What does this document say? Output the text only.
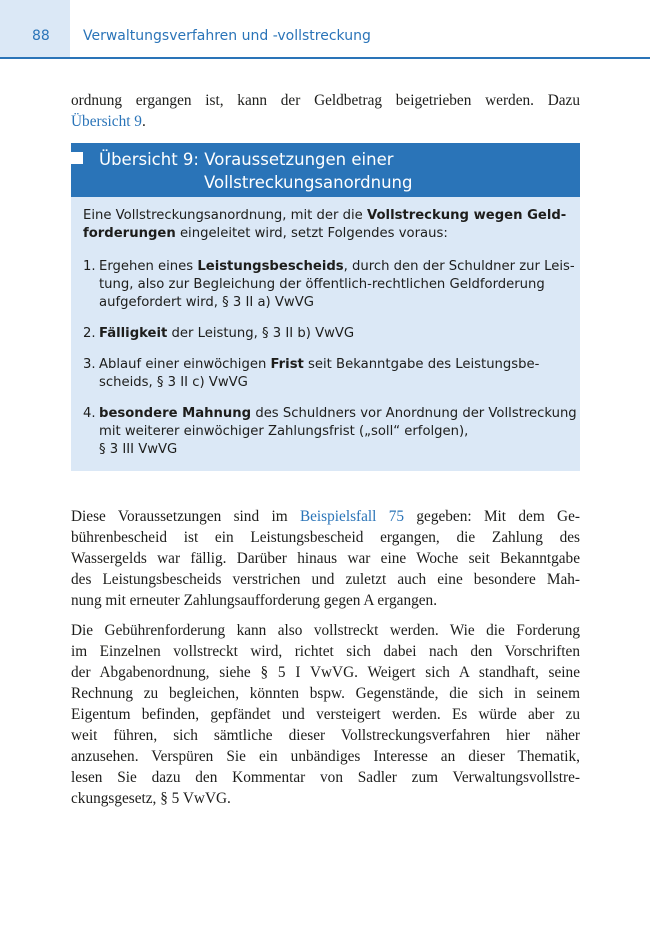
88 Verwaltungsverfahren und -vollstreckung
ordnung ergangen ist, kann der Geldbetrag beigetrieben werden. Dazu
Übersicht 9.
Übersicht 9: Voraussetzungen einer
Vollstreckungsanordnung
Eine Vollstreckungsanordnung, mit der die Vollstreckung wegen Geld-
forderungen eingeleitet wird, setzt Folgendes voraus:
1. Ergehen eines Leistungsbescheids, durch den der Schuldner zur Leis-
tung, also zur Begleichung der öffentlich-rechtlichen Geldforderung
aufgefordert wird, § 3 II a) VwVG
2. Fälligkeit der Leistung, § 3 II b) VwVG
3. Ablauf einer einwöchigen Frist seit Bekanntgabe des Leistungsbe-
scheids, § 3 II c) VwVG
4. besondere Mahnung des Schuldners vor Anordnung der Vollstreckung
mit weiterer einwöchiger Zahlungsfrist („soll“ erfolgen),
§ 3 III VwVG
Diese Voraussetzungen sind im Beispielsfall 75 gegeben: Mit dem Ge-
bührenbescheid ist ein Leistungsbescheid ergangen, die Zahlung des
Wassergelds war fällig. Darüber hinaus war eine Woche seit Bekanntgabe
des Leistungsbescheids verstrichen und zuletzt auch eine besondere Mah-
nung mit erneuter Zahlungsaufforderung gegen A ergangen.
Die Gebührenforderung kann also vollstreckt werden. Wie die Forderung
im Einzelnen vollstreckt wird, richtet sich dabei nach den Vorschriften
der Abgabenordnung, siehe § 5 I VwVG. Weigert sich A standhaft, seine
Rechnung zu begleichen, könnten bspw. Gegenstände, die sich in seinem
Eigentum befinden, gepfändet und versteigert werden. Es würde aber zu
weit führen, sich sämtliche dieser Vollstreckungsverfahren hier näher
anzusehen. Verspüren Sie ein unbändiges Interesse an dieser Thematik,
lesen Sie dazu den Kommentar von Sadler zum Verwaltungsvollstre-
ckungsgesetz, § 5 VwVG.
